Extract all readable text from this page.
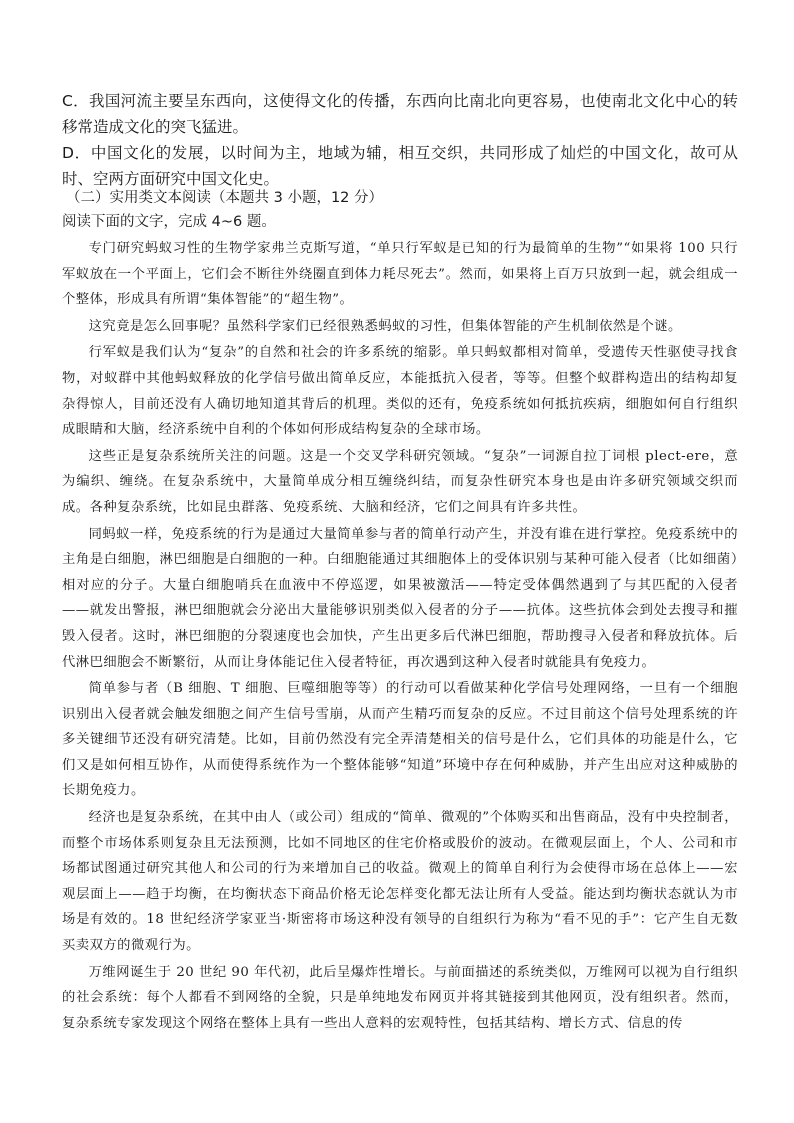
C．我国河流主要呈东西向，这使得文化的传播，东西向比南北向更容易，也使南北文化中心的转移常造成文化的突飞猛进。

D．中国文化的发展，以时间为主，地域为辅，相互交织，共同形成了灿烂的中国文化，故可从时、空两方面研究中国文化史。

（二）实用类文本阅读（本题共 3 小题，12 分）

阅读下面的文字，完成 4~6 题。

专门研究蚂蚁习性的生物学家弗兰克斯写道，“单只行军蚁是已知的行为最简单的生物”“如果将 100 只行军蚁放在一个平面上，它们会不断往外绕圈直到体力耗尽死去”。然而，如果将上百万只放到一起，就会组成一个整体，形成具有所谓“集体智能”的“超生物”。

这究竟是怎么回事呢？虽然科学家们已经很熟悉蚂蚁的习性，但集体智能的产生机制依然是个谜。

行军蚁是我们认为“复杂”的自然和社会的许多系统的缩影。单只蚂蚁都相对简单，受遗传天性驱使寻找食物，对蚁群中其他蚂蚁释放的化学信号做出简单反应，本能抵抗入侵者，等等。但整个蚁群构造出的结构却复杂得惊人，目前还没有人确切地知道其背后的机理。类似的还有，免疫系统如何抵抗疾病，细胞如何自行组织成眼睛和大脑，经济系统中自利的个体如何形成结构复杂的全球市场。

这些正是复杂系统所关注的问题。这是一个交叉学科研究领域。“复杂”一词源自拉丁词根 plect-ere，意为编织、缠绕。在复杂系统中，大量简单成分相互缠绕纠结，而复杂性研究本身也是由许多研究领域交织而成。各种复杂系统，比如昆虫群落、免疫系统、大脑和经济，它们之间具有许多共性。

同蚂蚁一样，免疫系统的行为是通过大量简单参与者的简单行动产生，并没有谁在进行掌控。免疫系统中的主角是白细胞，淋巴细胞是白细胞的一种。白细胞能通过其细胞体上的受体识别与某种可能入侵者（比如细菌）相对应的分子。大量白细胞哨兵在血液中不停巡逻，如果被激活——特定受体偶然遇到了与其匹配的入侵者——就发出警报，淋巴细胞就会分泌出大量能够识别类似入侵者的分子——抗体。这些抗体会到处去搜寻和摧毁入侵者。这时，淋巴细胞的分裂速度也会加快，产生出更多后代淋巴细胞，帮助搜寻入侵者和释放抗体。后代淋巴细胞会不断繁衍，从而让身体能记住入侵者特征，再次遇到这种入侵者时就能具有免疫力。

简单参与者（B 细胞、T 细胞、巨噬细胞等等）的行动可以看做某种化学信号处理网络，一旦有一个细胞识别出入侵者就会触发细胞之间产生信号雪崩，从而产生精巧而复杂的反应。不过目前这个信号处理系统的许多关键细节还没有研究清楚。比如，目前仍然没有完全弄清楚相关的信号是什么，它们具体的功能是什么，它们又是如何相互协作，从而使得系统作为一个整体能够“知道”环境中存在何种威胁，并产生出应对这种威胁的长期免疫力。

经济也是复杂系统，在其中由人（或公司）组成的“简单、微观的”个体购买和出售商品，没有中央控制者，而整个市场体系则复杂且无法预测，比如不同地区的住宅价格或股价的波动。在微观层面上，个人、公司和市场都试图通过研究其他人和公司的行为来增加自己的收益。微观上的简单自利行为会使得市场在总体上——宏观层面上——趋于均衡，在均衡状态下商品价格无论怎样变化都无法让所有人受益。能达到均衡状态就认为市场是有效的。18 世纪经济学家亚当·斯密将市场这种没有领导的自组织行为称为“看不见的手”：它产生自无数买卖双方的微观行为。

万维网诞生于 20 世纪 90 年代初，此后呈爆炸性增长。与前面描述的系统类似，万维网可以视为自行组织的社会系统：每个人都看不到网络的全貌，只是单纯地发布网页并将其链接到其他网页，没有组织者。然而，复杂系统专家发现这个网络在整体上具有一些出人意料的宏观特性，包括其结构、增长方式、信息的传
